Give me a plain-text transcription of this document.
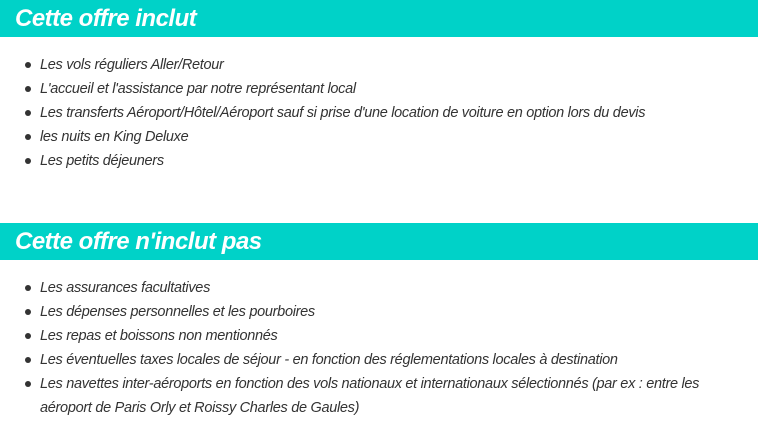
Cette offre inclut
Les vols réguliers Aller/Retour
L'accueil et l'assistance par notre représentant local
Les transferts Aéroport/Hôtel/Aéroport sauf si prise d'une location de voiture en option lors du devis
les nuits en King Deluxe
Les petits déjeuners
Cette offre n'inclut pas
Les assurances facultatives
Les dépenses personnelles et les pourboires
Les repas et boissons non mentionnés
Les éventuelles taxes locales de séjour - en fonction des réglementations locales à destination
Les navettes inter-aéroports en fonction des vols nationaux et internationaux sélectionnés (par ex : entre les aéroport de Paris Orly et Roissy Charles de Gaules)
